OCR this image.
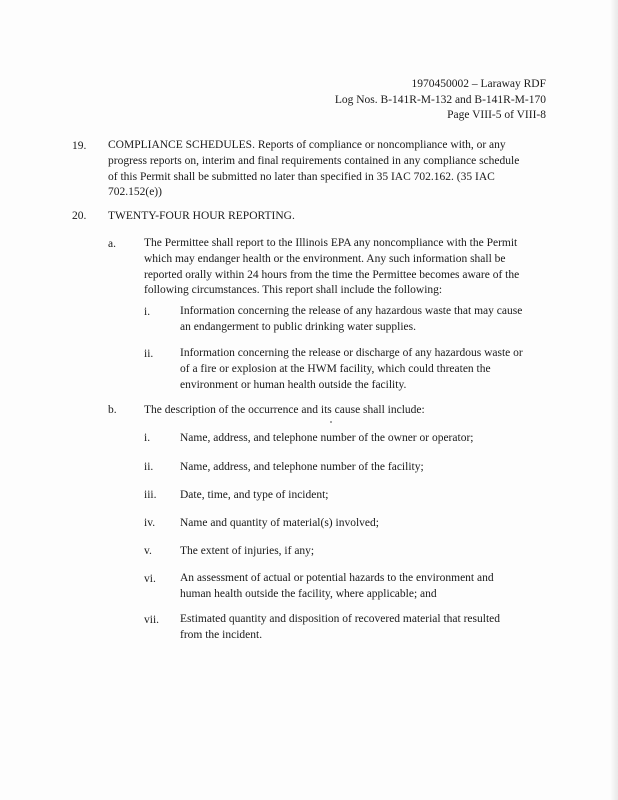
1970450002 – Laraway RDF
Log Nos. B-141R-M-132 and B-141R-M-170
Page VIII-5 of VIII-8
19. COMPLIANCE SCHEDULES. Reports of compliance or noncompliance with, or any
progress reports on, interim and final requirements contained in any compliance schedule
of this Permit shall be submitted no later than specified in 35 IAC 702.162. (35 IAC
702.152(e))
20. TWENTY-FOUR HOUR REPORTING.
a. The Permittee shall report to the Illinois EPA any noncompliance with the Permit
which may endanger health or the environment. Any such information shall be
reported orally within 24 hours from the time the Permittee becomes aware of the
following circumstances. This report shall include the following:
i.	Information concerning the release of any hazardous waste that may cause
an endangerment to public drinking water supplies.
ii. Information concerning the release or discharge of any hazardous waste or
of a fire or explosion at the HWM facility, which could threaten the
environment or human health outside the facility.
b. The description of the occurrence and its cause shall include:
i.	Name, address, and telephone number of the owner or operator;
ii. Name, address, and telephone number of the facility;
iii. Date, time, and type of incident;
iv. Name and quantity of material(s) involved;
v. The extent of injuries, if any;
vi. An assessment of actual or potential hazards to the environment and
human health outside the facility, where applicable; and
vii. Estimated quantity and disposition of recovered material that resulted
from the incident.
